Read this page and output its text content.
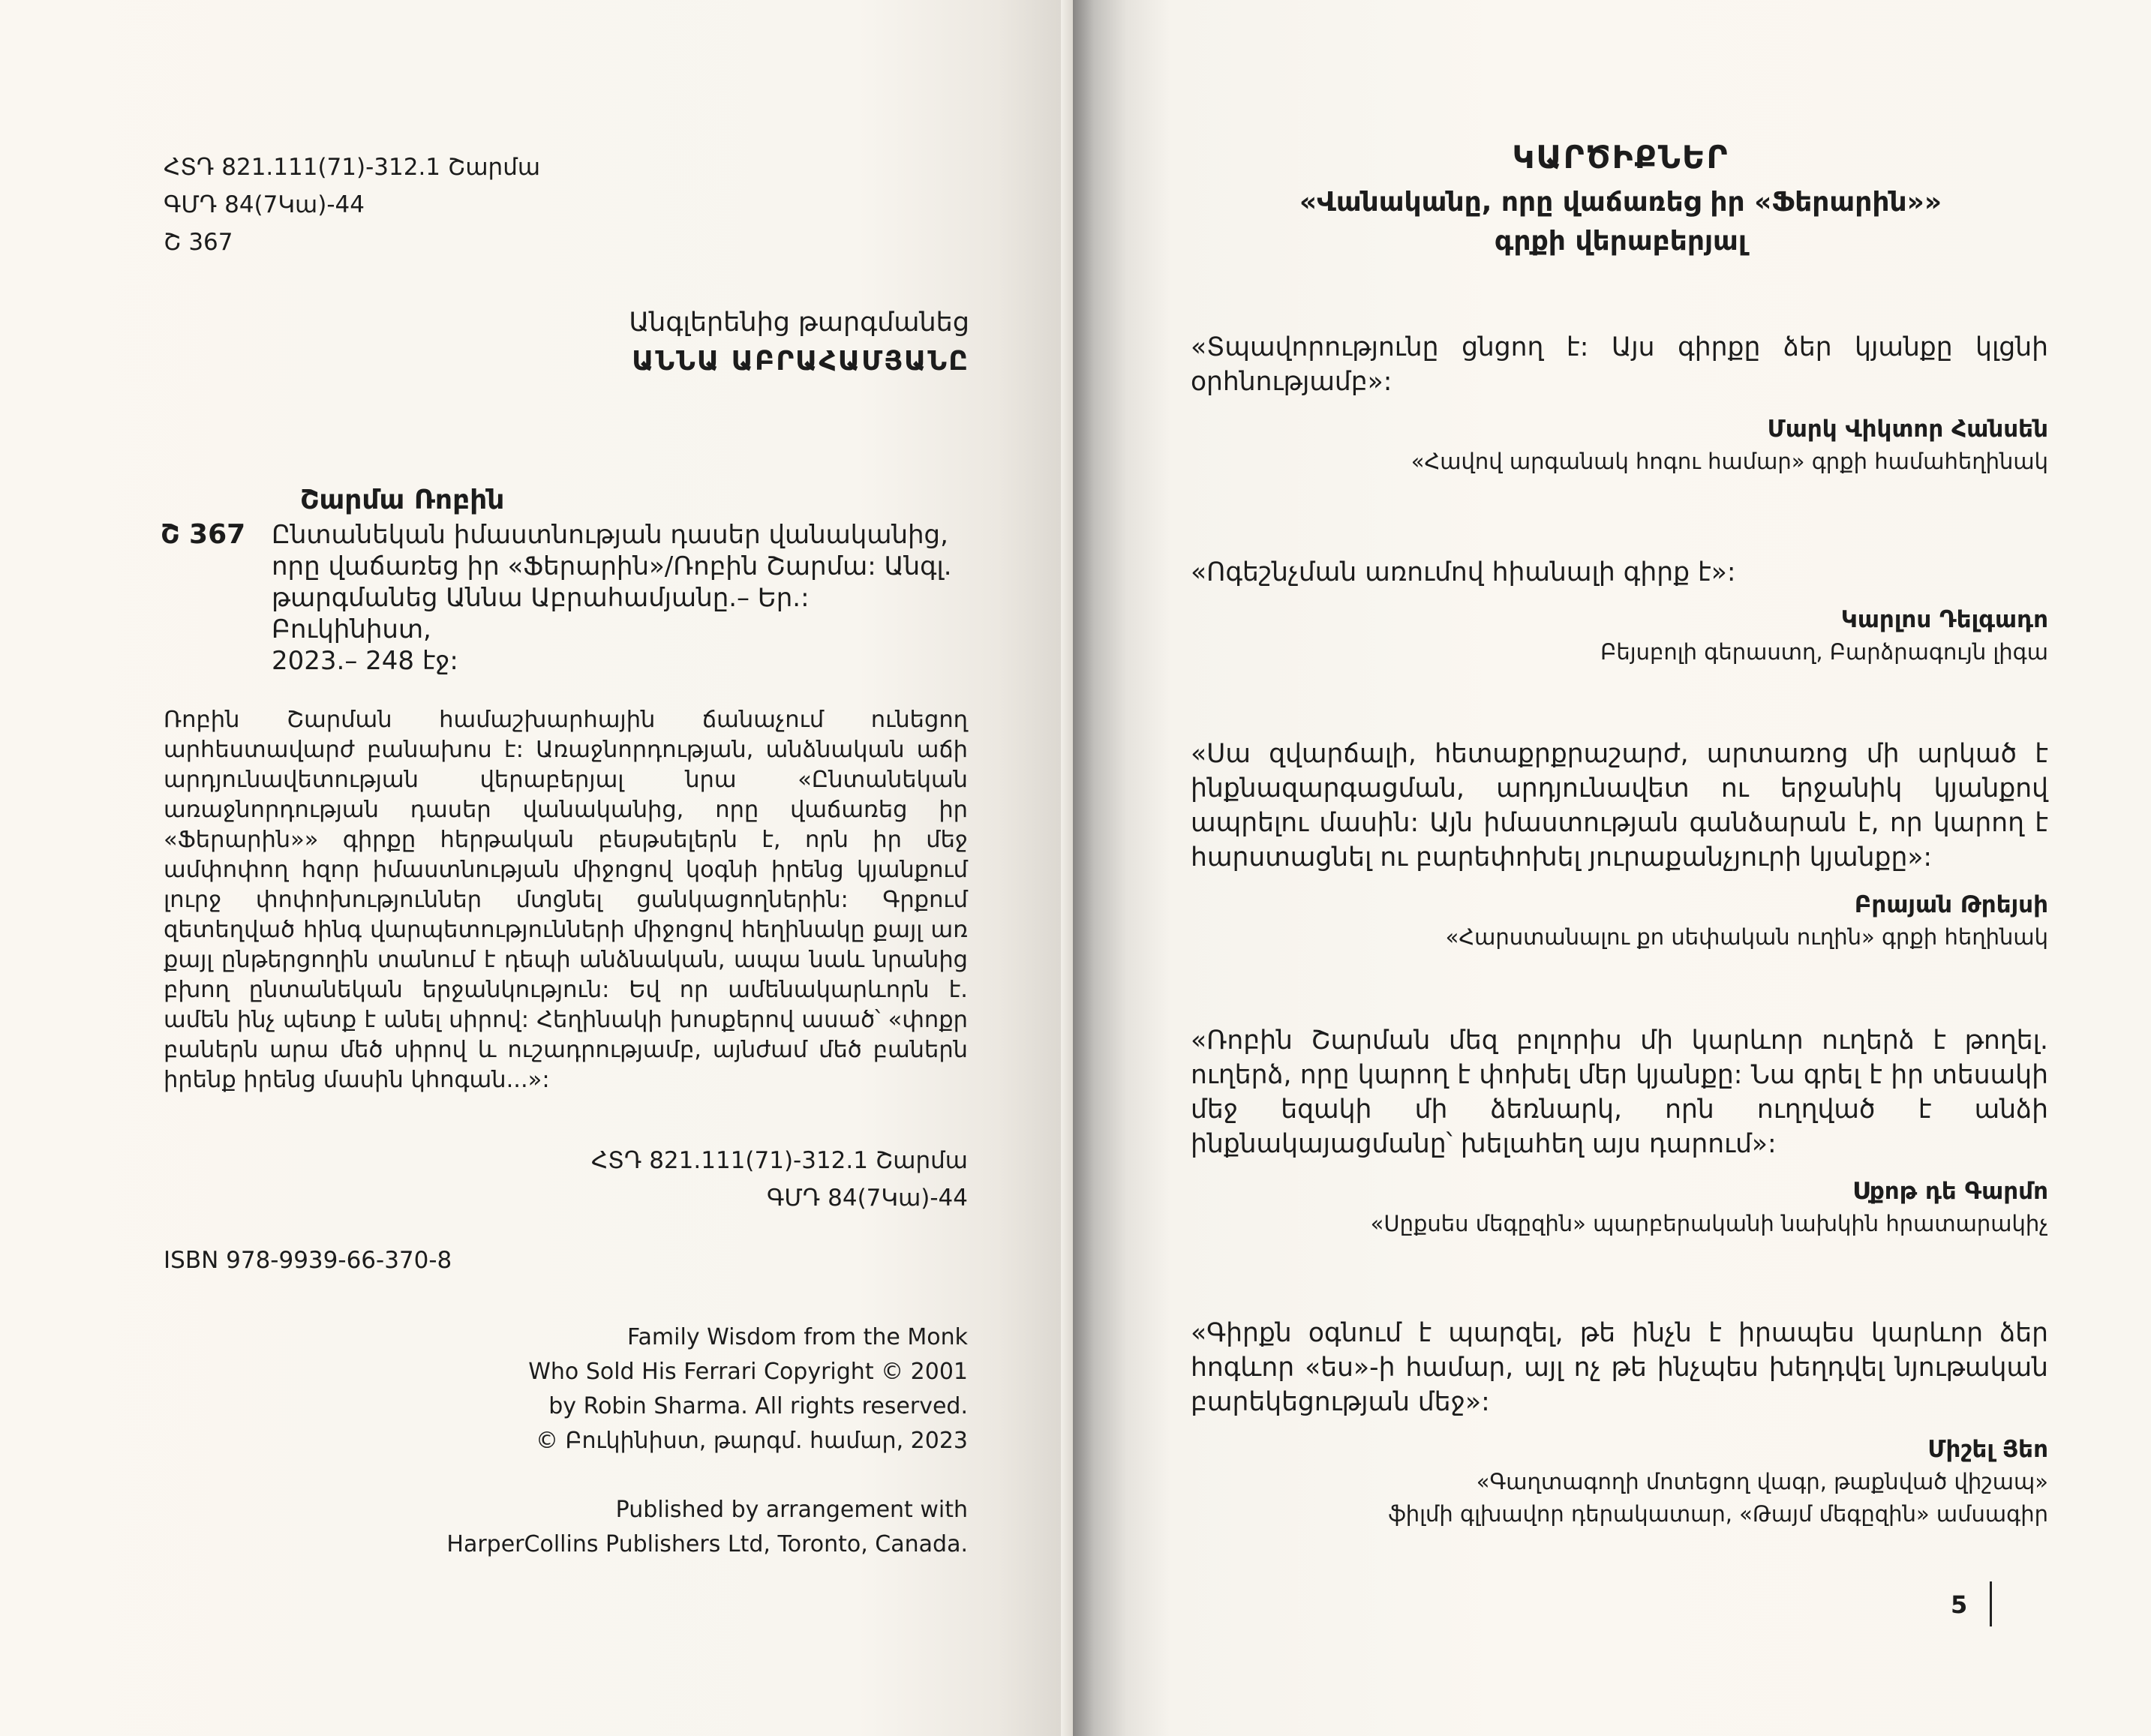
ՀՏԴ 821.111(71)-312.1 Շարմա
ԳՄԴ 84(7Կա)-44
Շ 367
Անգլերենից թարգմանեց
ԱՆՆԱ ԱԲՐԱՀԱՄՅԱՆԸ
Շարմա Ռոբին
Շ 367 Ընտանեկան իմաստնության դասեր վանականից,
որը վաճառեց իր «Ֆերարին»/Ռոբին Շարմա: Անգլ.
թարգմանեց Աննա Աբրահամյանը.– Եր.: Բուկինիստ,
2023.– 248 էջ:
Ռոբին Շարման համաշխարհային ճանաչում ունեցող արհեստավարժ բանախոս է: Առաջնորդության, անձնական աճի արդյունավետության վերաբերյալ նրա «Ընտանեկան առաջնորդության դասեր վանականից, որը վաճառեց իր «Ֆերարին»» գիրքը հերթական բեսթսելերն է, որն իր մեջ ամփոփող հզոր իմաստնության միջոցով կօգնի իրենց կյանքում լուրջ փոփոխություններ մտցնել ցանկացողներին: Գրքում զետեղված հինգ վարպետությունների միջոցով հեղինակը քայլ առ քայլ ընթերցողին տանում է դեպի անձնական, ապա նաև նրանից բխող ընտանեկան երջանկություն: Եվ որ ամենակարևորն է. ամեն ինչ պետք է անել սիրով: Հեղինակի խոսքերով ասած՝ «փոքր բաներն արա մեծ սիրով և ուշադրությամբ, այնժամ մեծ բաներն իրենք իրենց մասին կհոգան...»:
ՀՏԴ 821.111(71)-312.1 Շարմա
ԳՄԴ 84(7Կա)-44
ISBN 978-9939-66-370-8
Family Wisdom from the Monk
Who Sold His Ferrari Copyright © 2001
by Robin Sharma. All rights reserved.
© Բուկինիստ, թարգմ. համար, 2023
Published by arrangement with
HarperCollins Publishers Ltd, Toronto, Canada.
ԿԱՐԾԻՔՆԵՐ
«Վանականը, որը վաճառեց իր «Ֆերարին»»
գրքի վերաբերյալ

«Տպավորությունը ցնցող է: Այս գիրքը ձեր կյանքը կլցնի օրհնությամբ»:

Մարկ Վիկտոր Հանսեն
«Հավով արգանակ հոգու համար» գրքի համահեղինակ

«Ոգեշնչման առումով հիանալի գիրք է»:

Կարլոս Դելգադո
Բեյսբոլի գերաստղ, Բարձրագույն լիգա

«Սա զվարճալի, հետաքրքրաշարժ, արտառոց մի արկած է ինքնազարգացման, արդյունավետ ու երջանիկ կյանքով ապրելու մասին: Այն իմաստության գանձարան է, որ կարող է հարստացնել ու բարեփոխել յուրաքանչյուրի կյանքը»:

Բրայան Թրեյսի
«Հարստանալու քո սեփական ուղին» գրքի հեղինակ

«Ռոբին Շարման մեզ բոլորիս մի կարևոր ուղերձ է թողել. ուղերձ, որը կարող է փոխել մեր կյանքը: Նա գրել է իր տեսակի մեջ եզակի մի ձեռնարկ, որն ուղղված է անձի ինքնակայացմանը՝ խելահեղ այս դարում»:

Սքոթ դե Գարմո
«Սըքսես մեգըզին» պարբերականի նախկին հրատարակիչ

«Գիրքն օգնում է պարզել, թե ինչն է իրապես կարևոր ձեր հոգևոր «ես»-ի համար, այլ ոչ թե ինչպես խեղդվել նյութական բարեկեցության մեջ»:

Միշել Յեո
«Գաղտագողի մոտեցող վագր, թաքնված վիշապ»
ֆիլմի գլխավոր դերակատար, «Թայմ մեգըզին» ամսագիր
5
